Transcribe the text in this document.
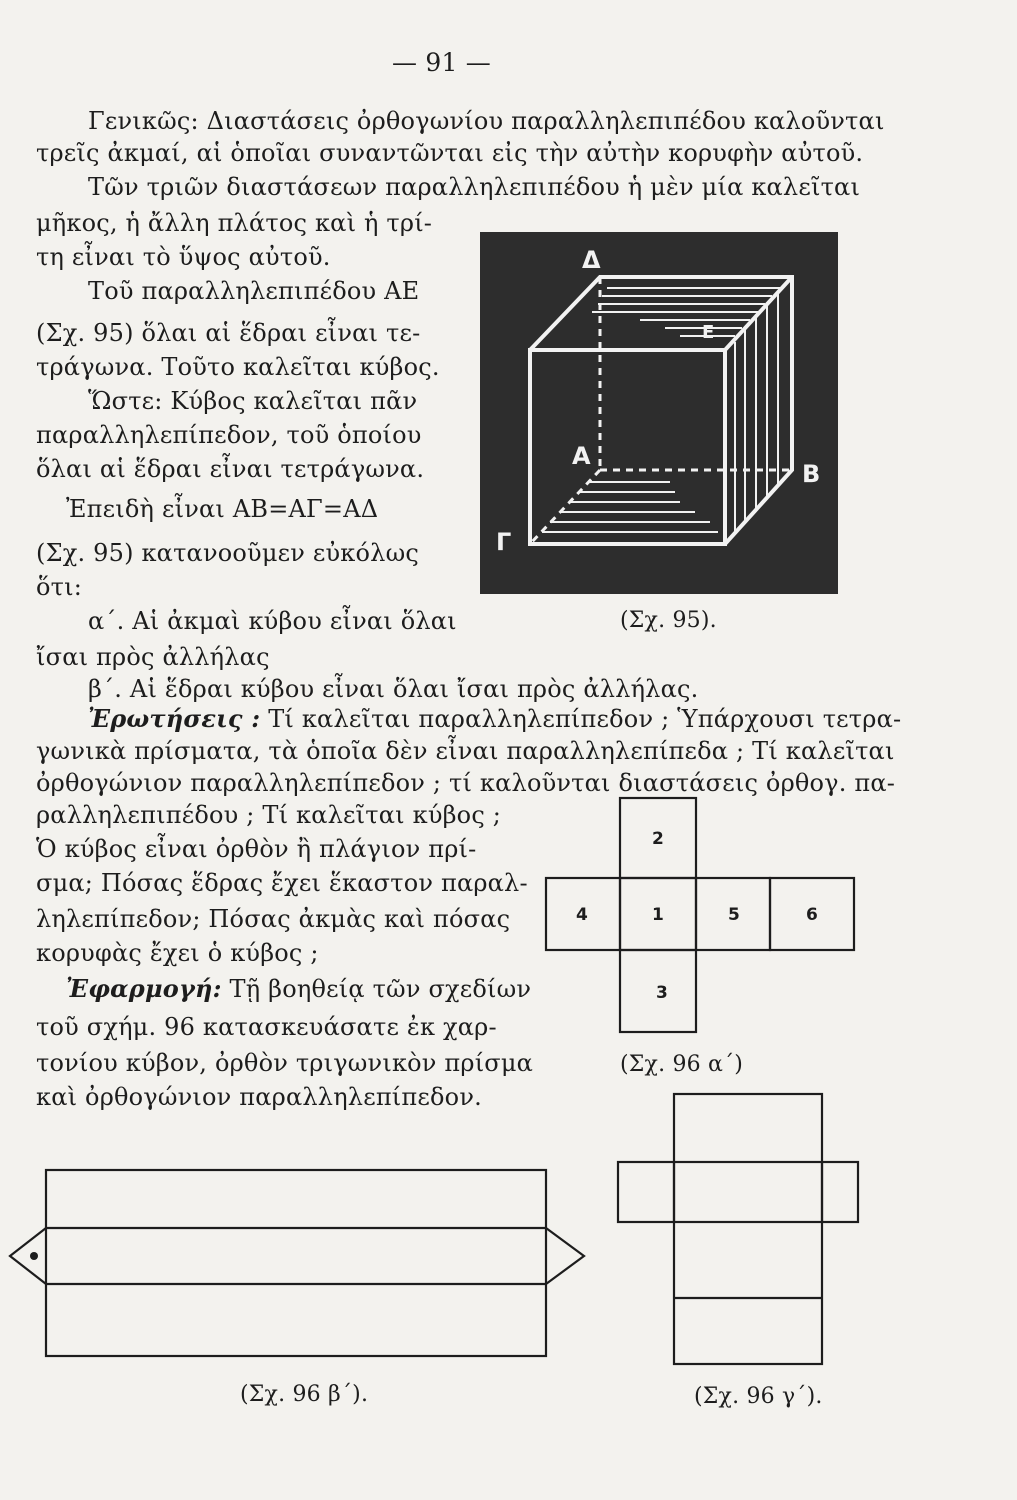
— 91 —
Γενικῶς: Διαστάσεις ὀρθογωνίου παραλληλεπιπέδου καλοῦνται
τρεῖς ἀκμαί, αἱ ὁποῖαι συναντῶνται εἰς τὴν αὐτὴν κορυφὴν αὐτοῦ.
Τῶν τριῶν διαστάσεων παραλληλεπιπέδου ἡ μὲν μία καλεῖται
μῆκος, ἡ ἄλλη πλάτος καὶ ἡ τρί-
τη εἶναι τὸ ὕψος αὐτοῦ.
Τοῦ παραλληλεπιπέδου ΑΕ
(Σχ. 95) ὅλαι αἱ ἕδραι εἶναι τε-
τράγωνα. Τοῦτο καλεῖται κύβος.
Ὥστε: Κύβος καλεῖται πᾶν
παραλληλεπίπεδον, τοῦ ὁποίου
ὅλαι αἱ ἕδραι εἶναι τετράγωνα.
Ἐπειδὴ εἶναι ΑΒ=ΑΓ=ΑΔ
(Σχ. 95) κατανοοῦμεν εὐκόλως
ὅτι:
α΄. Αἱ ἀκμαὶ κύβου εἶναι ὅλαι
ἴσαι πρὸς ἀλλήλας
β΄. Αἱ ἕδραι κύβου εἶναι ὅλαι ἴσαι πρὸς ἀλλήλας.
Ἐρωτήσεις : Τί καλεῖται παραλληλεπίπεδον ; Ὑπάρχουσι τετρα-
γωνικὰ πρίσματα, τὰ ὁποῖα δὲν εἶναι παραλληλεπίπεδα ; Τί καλεῖται
ὀρθογώνιον παραλληλεπίπεδον ; τί καλοῦνται διαστάσεις ὀρθογ. πα-
ραλληλεπιπέδου ; Τί καλεῖται κύβος ;
Ὁ κύβος εἶναι ὀρθὸν ἢ πλάγιον πρί-
σμα; Πόσας ἕδρας ἔχει ἕκαστον παραλ-
ληλεπίπεδον; Πόσας ἀκμὰς καὶ πόσας
κορυφὰς ἔχει ὁ κύβος ;
Ἐφαρμογή: Τῇ βοηθείᾳ τῶν σχεδίων
τοῦ σχήμ. 96 κατασκευάσατε ἐκ χαρ-
τονίου κύβον, ὀρθὸν τριγωνικὸν πρίσμα
καὶ ὀρθογώνιον παραλληλεπίπεδον.
Δ
Α
Β
Γ
Ε
(Σχ. 95).
2
4	1	5	6
3
(Σχ. 96 α΄)
(Σχ. 96 β΄).	(Σχ. 96 γ΄).
